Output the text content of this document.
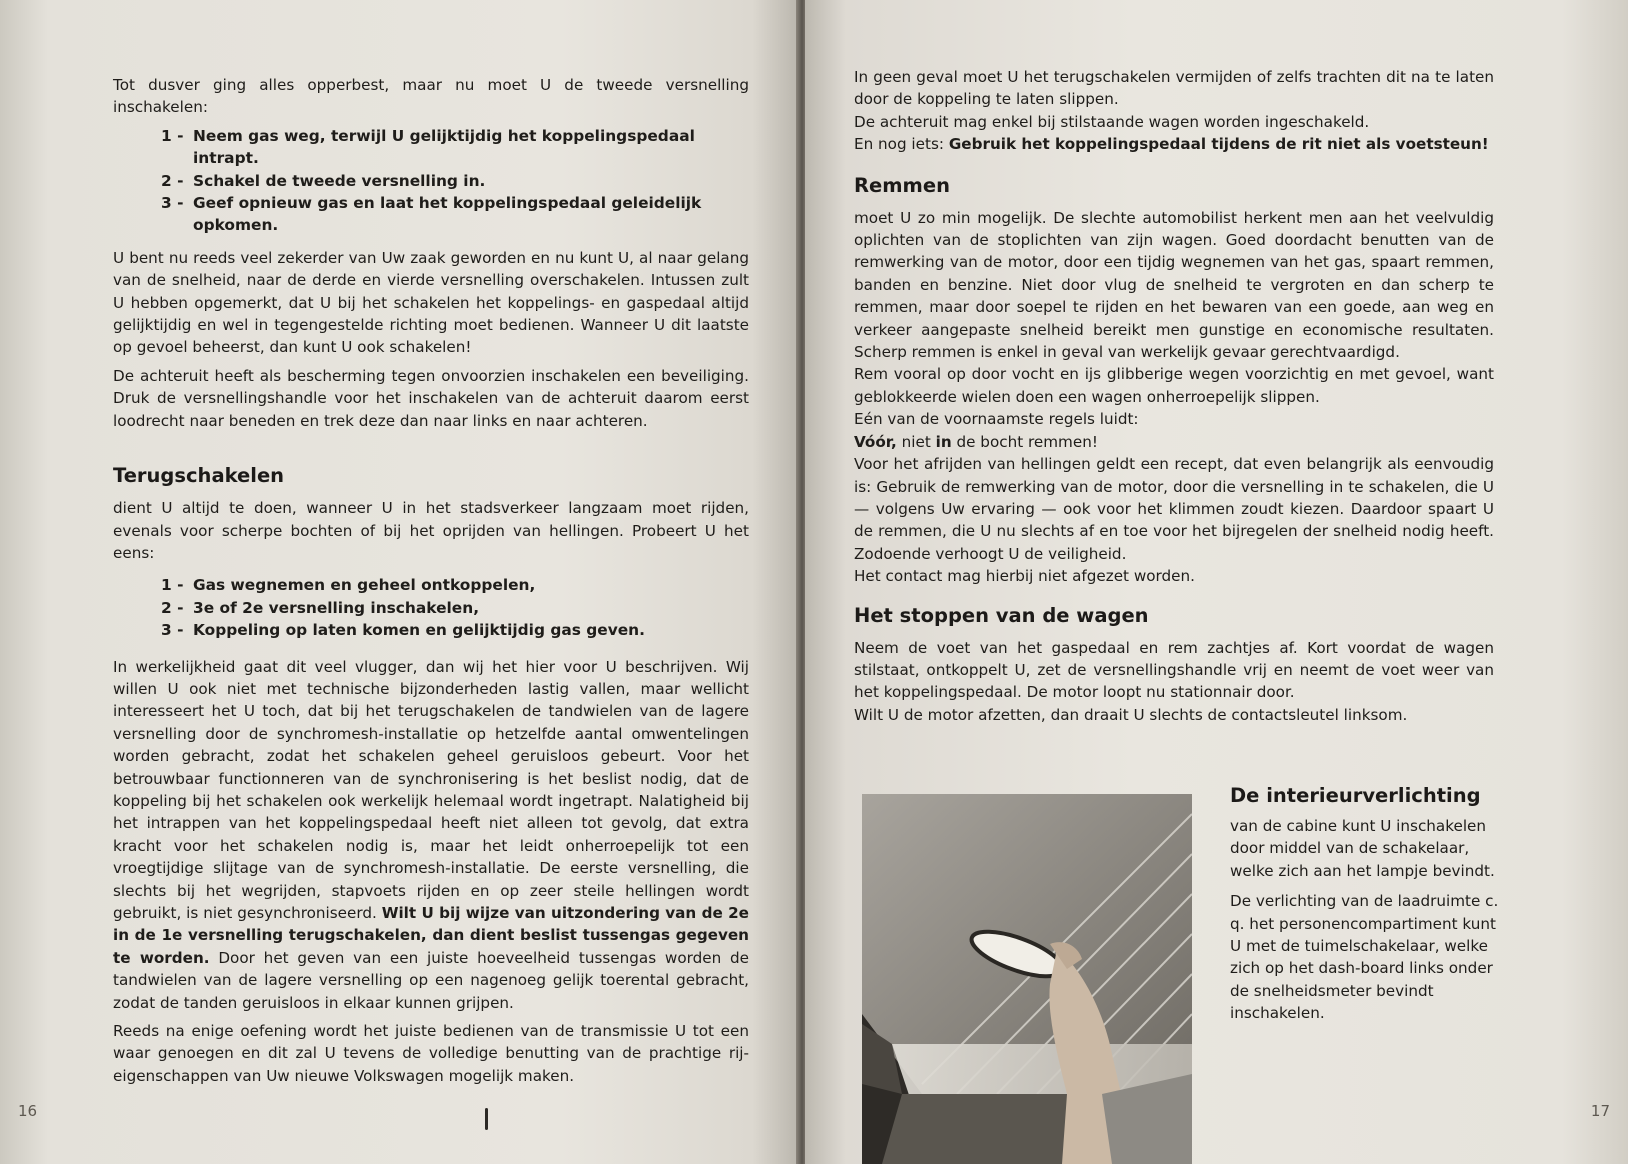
Tot dusver ging alles opperbest, maar nu moet U de tweede versnelling inschakelen:

1 - Neem gas weg, terwijl U gelijktijdig het koppelingspedaal intrapt.
2 - Schakel de tweede versnelling in.
3 - Geef opnieuw gas en laat het koppelingspedaal geleidelijk opkomen.

U bent nu reeds veel zekerder van Uw zaak geworden en nu kunt U, al naar gelang van de snelheid, naar de derde en vierde versnelling overschakelen. Intussen zult U hebben opgemerkt, dat U bij het schakelen het koppelings- en gaspedaal altijd gelijktijdig en wel in tegengestelde richting moet bedienen. Wanneer U dit laatste op gevoel beheerst, dan kunt U ook schakelen!

De achteruit heeft als bescherming tegen onvoorzien inschakelen een beveiliging. Druk de versnellingshandle voor het inschakelen van de achteruit daarom eerst loodrecht naar beneden en trek deze dan naar links en naar achteren.

Terugschakelen

dient U altijd te doen, wanneer U in het stadsverkeer langzaam moet rijden, evenals voor scherpe bochten of bij het oprijden van hellingen. Probeert U het eens:

1 - Gas wegnemen en geheel ontkoppelen,
2 - 3e of 2e versnelling inschakelen,
3 - Koppeling op laten komen en gelijktijdig gas geven.

In werkelijkheid gaat dit veel vlugger, dan wij het hier voor U beschrijven. Wij willen U ook niet met technische bijzonderheden lastig vallen, maar wellicht interesseert het U toch, dat bij het terugschakelen de tandwielen van de lagere versnelling door de synchromesh-installatie op hetzelfde aantal omwentelingen worden gebracht, zodat het schakelen geheel geruisloos gebeurt. Voor het betrouwbaar functionneren van de synchronisering is het beslist nodig, dat de koppeling bij het schakelen ook werkelijk helemaal wordt ingetrapt. Nalatigheid bij het intrappen van het koppelingspedaal heeft niet alleen tot gevolg, dat extra kracht voor het schakelen nodig is, maar het leidt onherroepelijk tot een vroegtijdige slijtage van de synchromesh-installatie. De eerste versnelling, die slechts bij het wegrijden, stapvoets rijden en op zeer steile hellingen wordt gebruikt, is niet gesynchroniseerd. Wilt U bij wijze van uitzondering van de 2e in de 1e versnelling terugschakelen, dan dient beslist tussengas gegeven te worden. Door het geven van een juiste hoeveelheid tussengas worden de tandwielen van de lagere versnelling op een nagenoeg gelijk toerental gebracht, zodat de tanden geruisloos in elkaar kunnen grijpen.

Reeds na enige oefening wordt het juiste bedienen van de transmissie U tot een waar genoegen en dit zal U tevens de volledige benutting van de prachtige rij-eigenschappen van Uw nieuwe Volkswagen mogelijk maken.

16

In geen geval moet U het terugschakelen vermijden of zelfs trachten dit na te laten door de koppeling te laten slippen.

De achteruit mag enkel bij stilstaande wagen worden ingeschakeld.

En nog iets: Gebruik het koppelingspedaal tijdens de rit niet als voetsteun!

Remmen

moet U zo min mogelijk. De slechte automobilist herkent men aan het veelvuldig oplichten van de stoplichten van zijn wagen. Goed doordacht benutten van de remwerking van de motor, door een tijdig wegnemen van het gas, spaart remmen, banden en benzine. Niet door vlug de snelheid te vergroten en dan scherp te remmen, maar door soepel te rijden en het bewaren van een goede, aan weg en verkeer aangepaste snelheid bereikt men gunstige en economische resultaten. Scherp remmen is enkel in geval van werkelijk gevaar gerechtvaardigd.

Rem vooral op door vocht en ijs glibberige wegen voorzichtig en met gevoel, want geblokkeerde wielen doen een wagen onherroepelijk slippen.

Eén van de voornaamste regels luidt:

Vóór, niet in de bocht remmen!

Voor het afrijden van hellingen geldt een recept, dat even belangrijk als eenvoudig is: Gebruik de remwerking van de motor, door die versnelling in te schakelen, die U — volgens Uw ervaring — ook voor het klimmen zoudt kiezen. Daardoor spaart U de remmen, die U nu slechts af en toe voor het bijregelen der snelheid nodig heeft. Zodoende verhoogt U de veiligheid.

Het contact mag hierbij niet afgezet worden.

Het stoppen van de wagen

Neem de voet van het gaspedaal en rem zachtjes af. Kort voordat de wagen stilstaat, ontkoppelt U, zet de versnellingshandle vrij en neemt de voet weer van het koppelingspedaal. De motor loopt nu stationnair door.

Wilt U de motor afzetten, dan draait U slechts de contactsleutel linksom.

De interieurverlichting

van de cabine kunt U inschakelen door middel van de schakelaar, welke zich aan het lampje bevindt.

De verlichting van de laadruimte c. q. het personencompartiment kunt U met de tuimelschakelaar, welke zich op het dash-board links onder de snelheidsmeter bevindt inschakelen.

17
